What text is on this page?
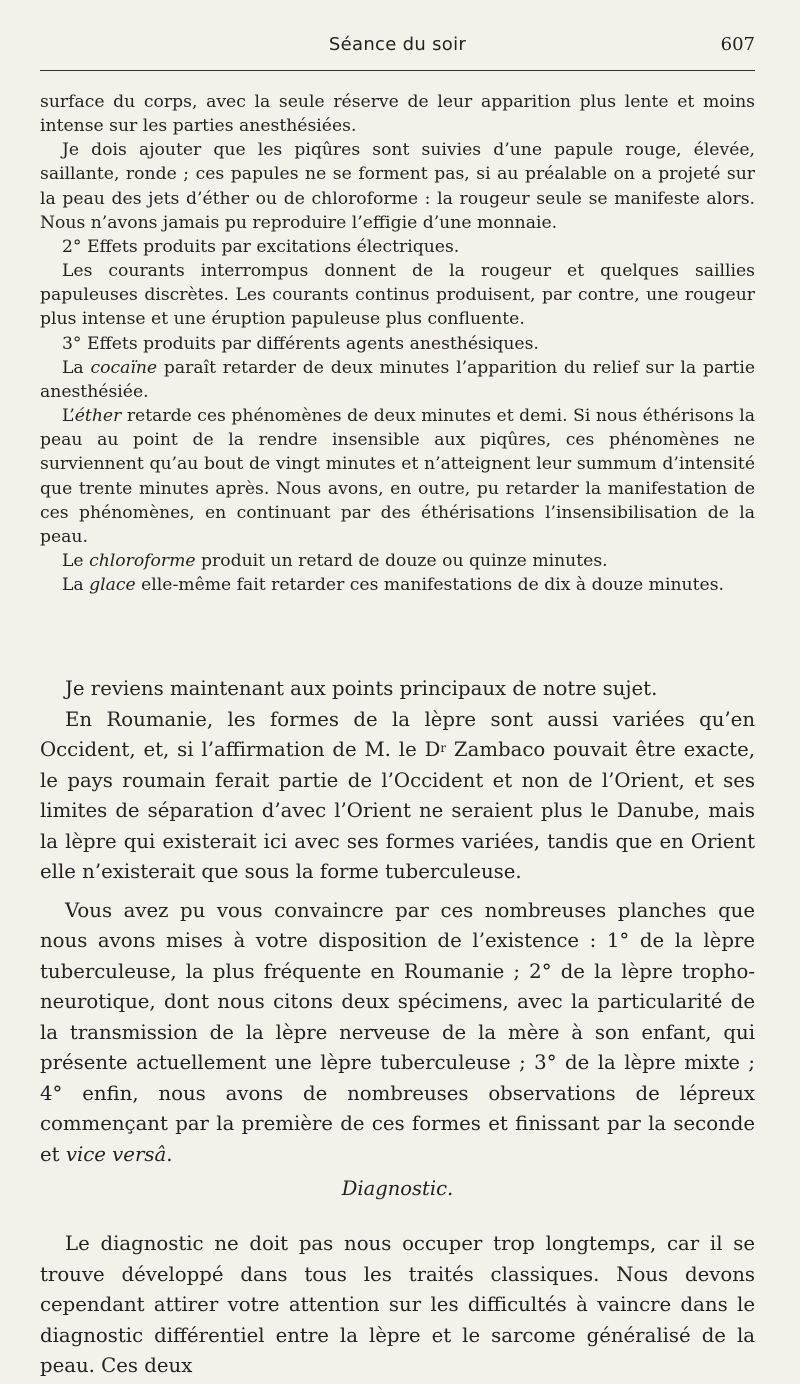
Séance du soir	607

surface du corps, avec la seule réserve de leur apparition plus lente et moins intense sur les parties anesthésiées.

Je dois ajouter que les piqûres sont suivies d’une papule rouge, élevée, saillante, ronde ; ces papules ne se forment pas, si au préalable on a projeté sur la peau des jets d’éther ou de chloroforme : la rougeur seule se manifeste alors. Nous n’avons jamais pu reproduire l’effigie d’une monnaie.

2° Effets produits par excitations électriques.

Les courants interrompus donnent de la rougeur et quelques saillies papuleuses discrètes. Les courants continus produisent, par contre, une rougeur plus intense et une éruption papuleuse plus confluente.

3° Effets produits par différents agents anesthésiques.

La cocaïne paraît retarder de deux minutes l’apparition du relief sur la partie anesthésiée.

L’éther retarde ces phénomènes de deux minutes et demi. Si nous éthérisons la peau au point de la rendre insensible aux piqûres, ces phénomènes ne surviennent qu’au bout de vingt minutes et n’atteignent leur summum d’intensité que trente minutes après. Nous avons, en outre, pu retarder la manifestation de ces phénomènes, en continuant par des éthérisations l’insensibilisation de la peau.

Le chloroforme produit un retard de douze ou quinze minutes.

La glace elle-même fait retarder ces manifestations de dix à douze minutes.

Je reviens maintenant aux points principaux de notre sujet.

En Roumanie, les formes de la lèpre sont aussi variées qu’en Occident, et, si l’affirmation de M. le $D^r$ Zambaco pouvait être exacte, le pays roumain ferait partie de l’Occident et non de l’Orient, et ses limites de séparation d’avec l’Orient ne seraient plus le Danube, mais la lèpre qui existerait ici avec ses formes variées, tandis que en Orient elle n’existerait que sous la forme tuberculeuse.

Vous avez pu vous convaincre par ces nombreuses planches que nous avons mises à votre disposition de l’existence : 1° de la lèpre tuberculeuse, la plus fréquente en Roumanie ; 2° de la lèpre tropho-neurotique, dont nous citons deux spécimens, avec la particularité de la transmission de la lèpre nerveuse de la mère à son enfant, qui présente actuellement une lèpre tuberculeuse ; 3° de la lèpre mixte ; 4° enfin, nous avons de nombreuses observations de lépreux commençant par la première de ces formes et finissant par la seconde et vice versâ.

Diagnostic.

Le diagnostic ne doit pas nous occuper trop longtemps, car il se trouve développé dans tous les traités classiques. Nous devons cependant attirer votre attention sur les difficultés à vaincre dans le diagnostic différentiel entre la lèpre et le sarcome généralisé de la peau. Ces deux
